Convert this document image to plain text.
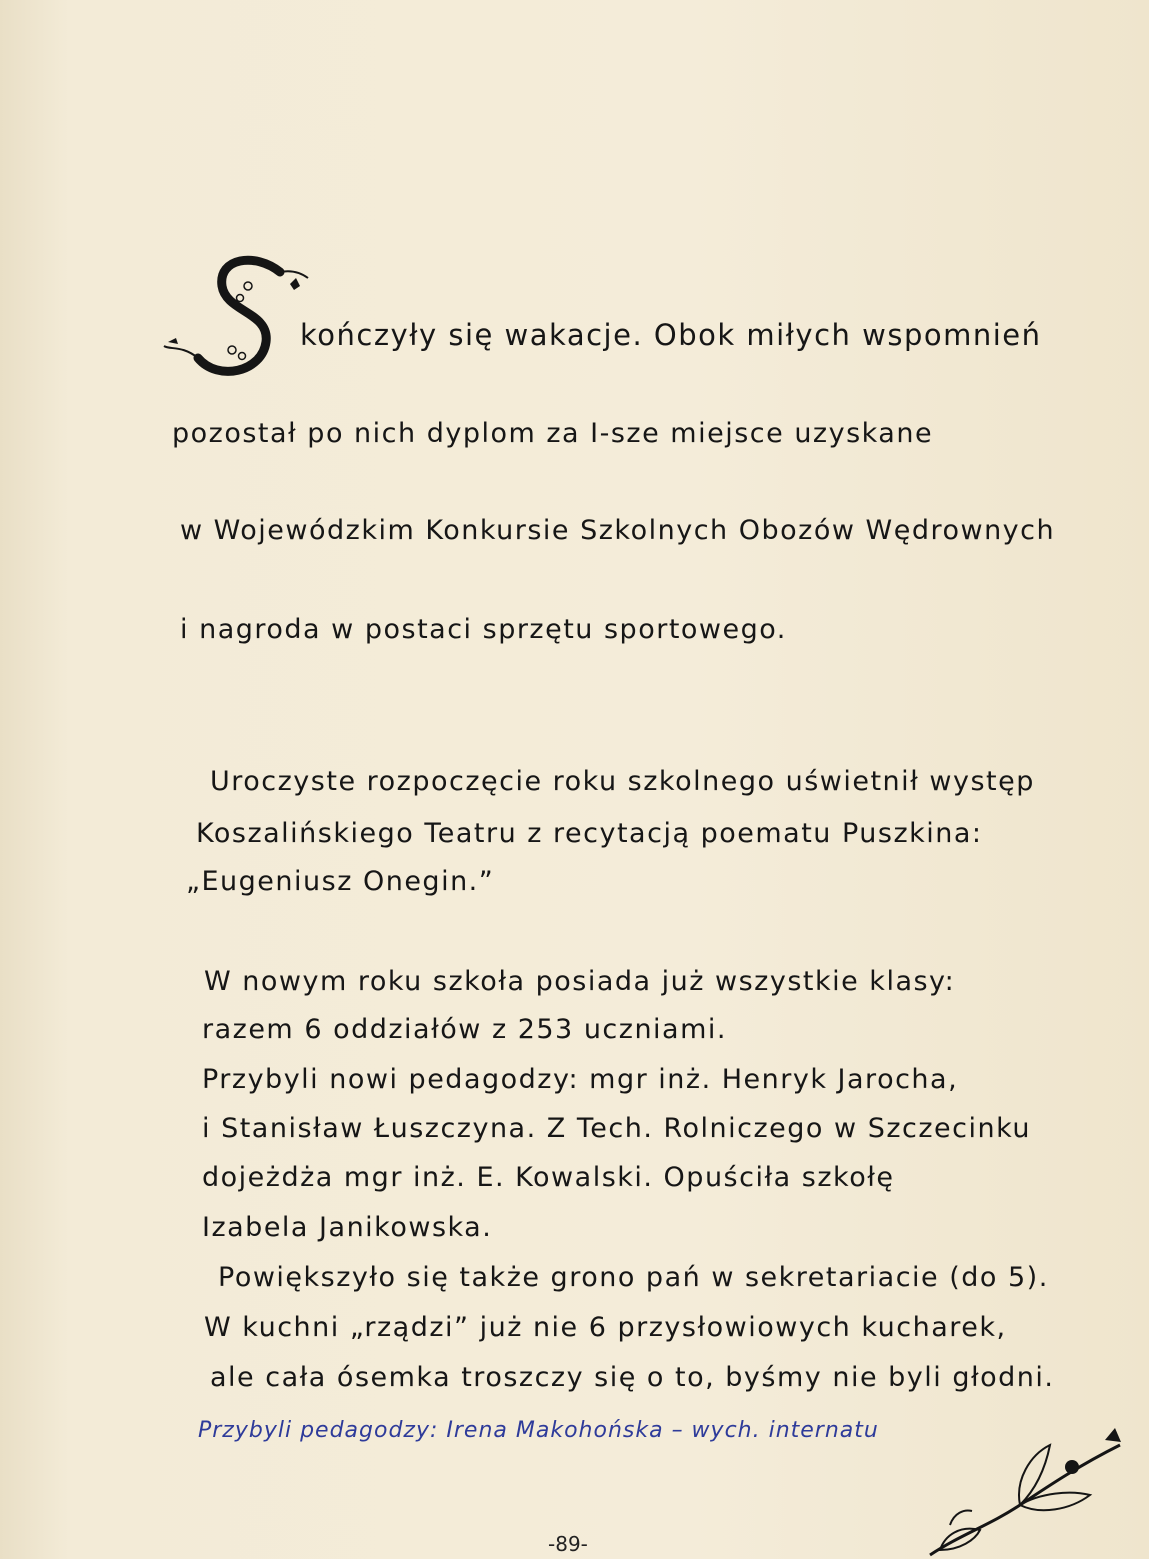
kończyły się wakacje. Obok miłych wspomnień
pozostał po nich dyplom za I-sze miejsce uzyskane
w Wojewódzkim Konkursie Szkolnych Obozów Wędrownych
i nagroda w postaci sprzętu sportowego.
Uroczyste rozpoczęcie roku szkolnego uświetnił występ
Koszalińskiego Teatru z recytacją poematu Puszkina:
„Eugeniusz Onegin.”
W nowym roku szkoła posiada już wszystkie klasy:
razem 6 oddziałów z 253 uczniami.
Przybyli nowi pedagodzy: mgr inż. Henryk Jarocha,
i Stanisław Łuszczyna. Z Tech. Rolniczego w Szczecinku
dojeżdża mgr inż. E. Kowalski. Opuściła szkołę
Izabela Janikowska.
Powiększyło się także grono pań w sekretariacie (do 5).
W kuchni „rządzi” już nie 6 przysłowiowych kucharek,
ale cała ósemka troszczy się o to, byśmy nie byli głodni.
Przybyli pedagodzy: Irena Makohońska – wych. internatu
-89-
